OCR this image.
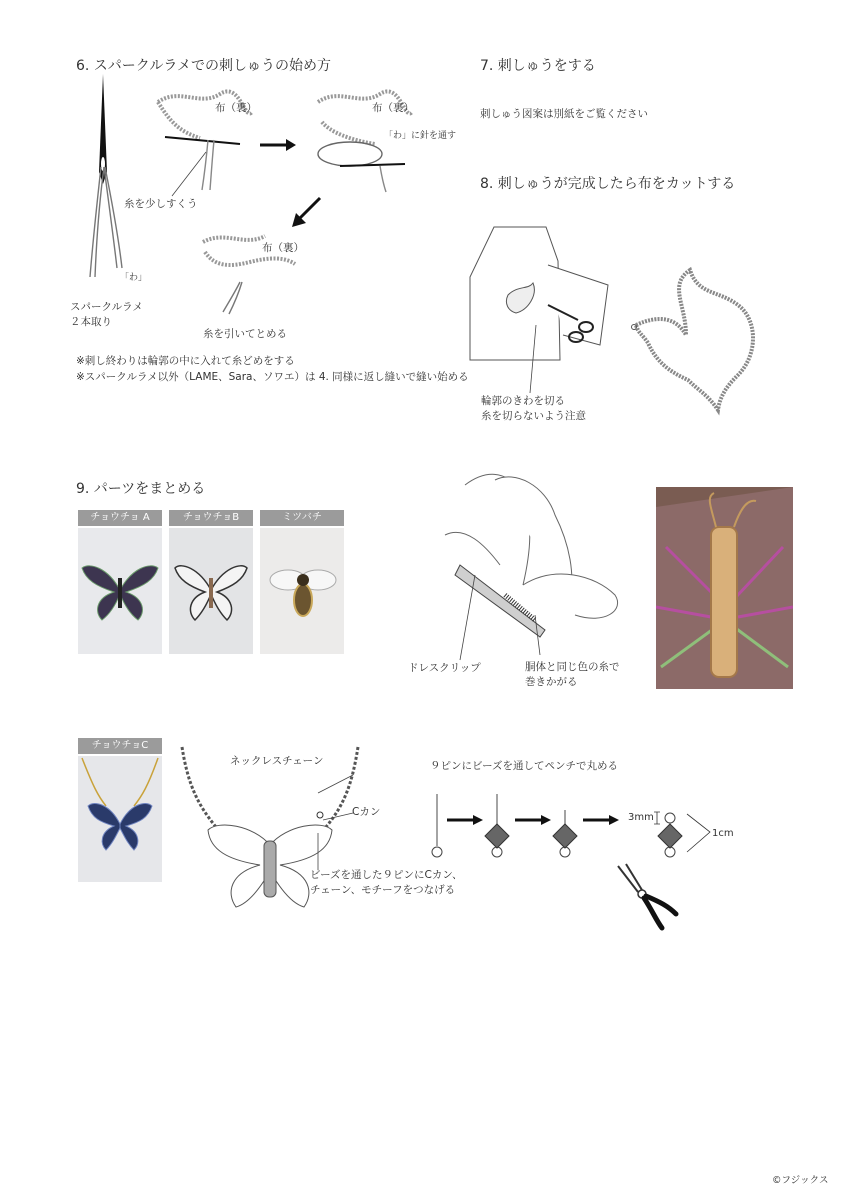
6. スパークルラメでの刺しゅうの始め方
「わ」
スパークルラメ
２本取り
布（裏）
糸を少しすくう
布（裏）
「わ」に針を通す
布（裏）
糸を引いてとめる
※刺し終わりは輪郭の中に入れて糸どめをする
※スパークルラメ以外（LAME、Sara、ソワエ）は 4. 同様に返し縫いで縫い始める
7. 刺しゅうをする
刺しゅう図案は別紙をご覧ください
8. 刺しゅうが完成したら布をカットする
輪郭のきわを切る
糸を切らないよう注意
9. パーツをまとめる
チョウチョ A	チョウチョB	ミツバチ
ドレスクリップ	胴体と同じ色の糸で
巻きかがる
チョウチョC
ネックレスチェーン
Cカン
ビーズを通した９ピンにCカン、
チェーン、モチーフをつなげる
９ピンにビーズを通してペンチで丸める
3mm
1cm
©フジックス
